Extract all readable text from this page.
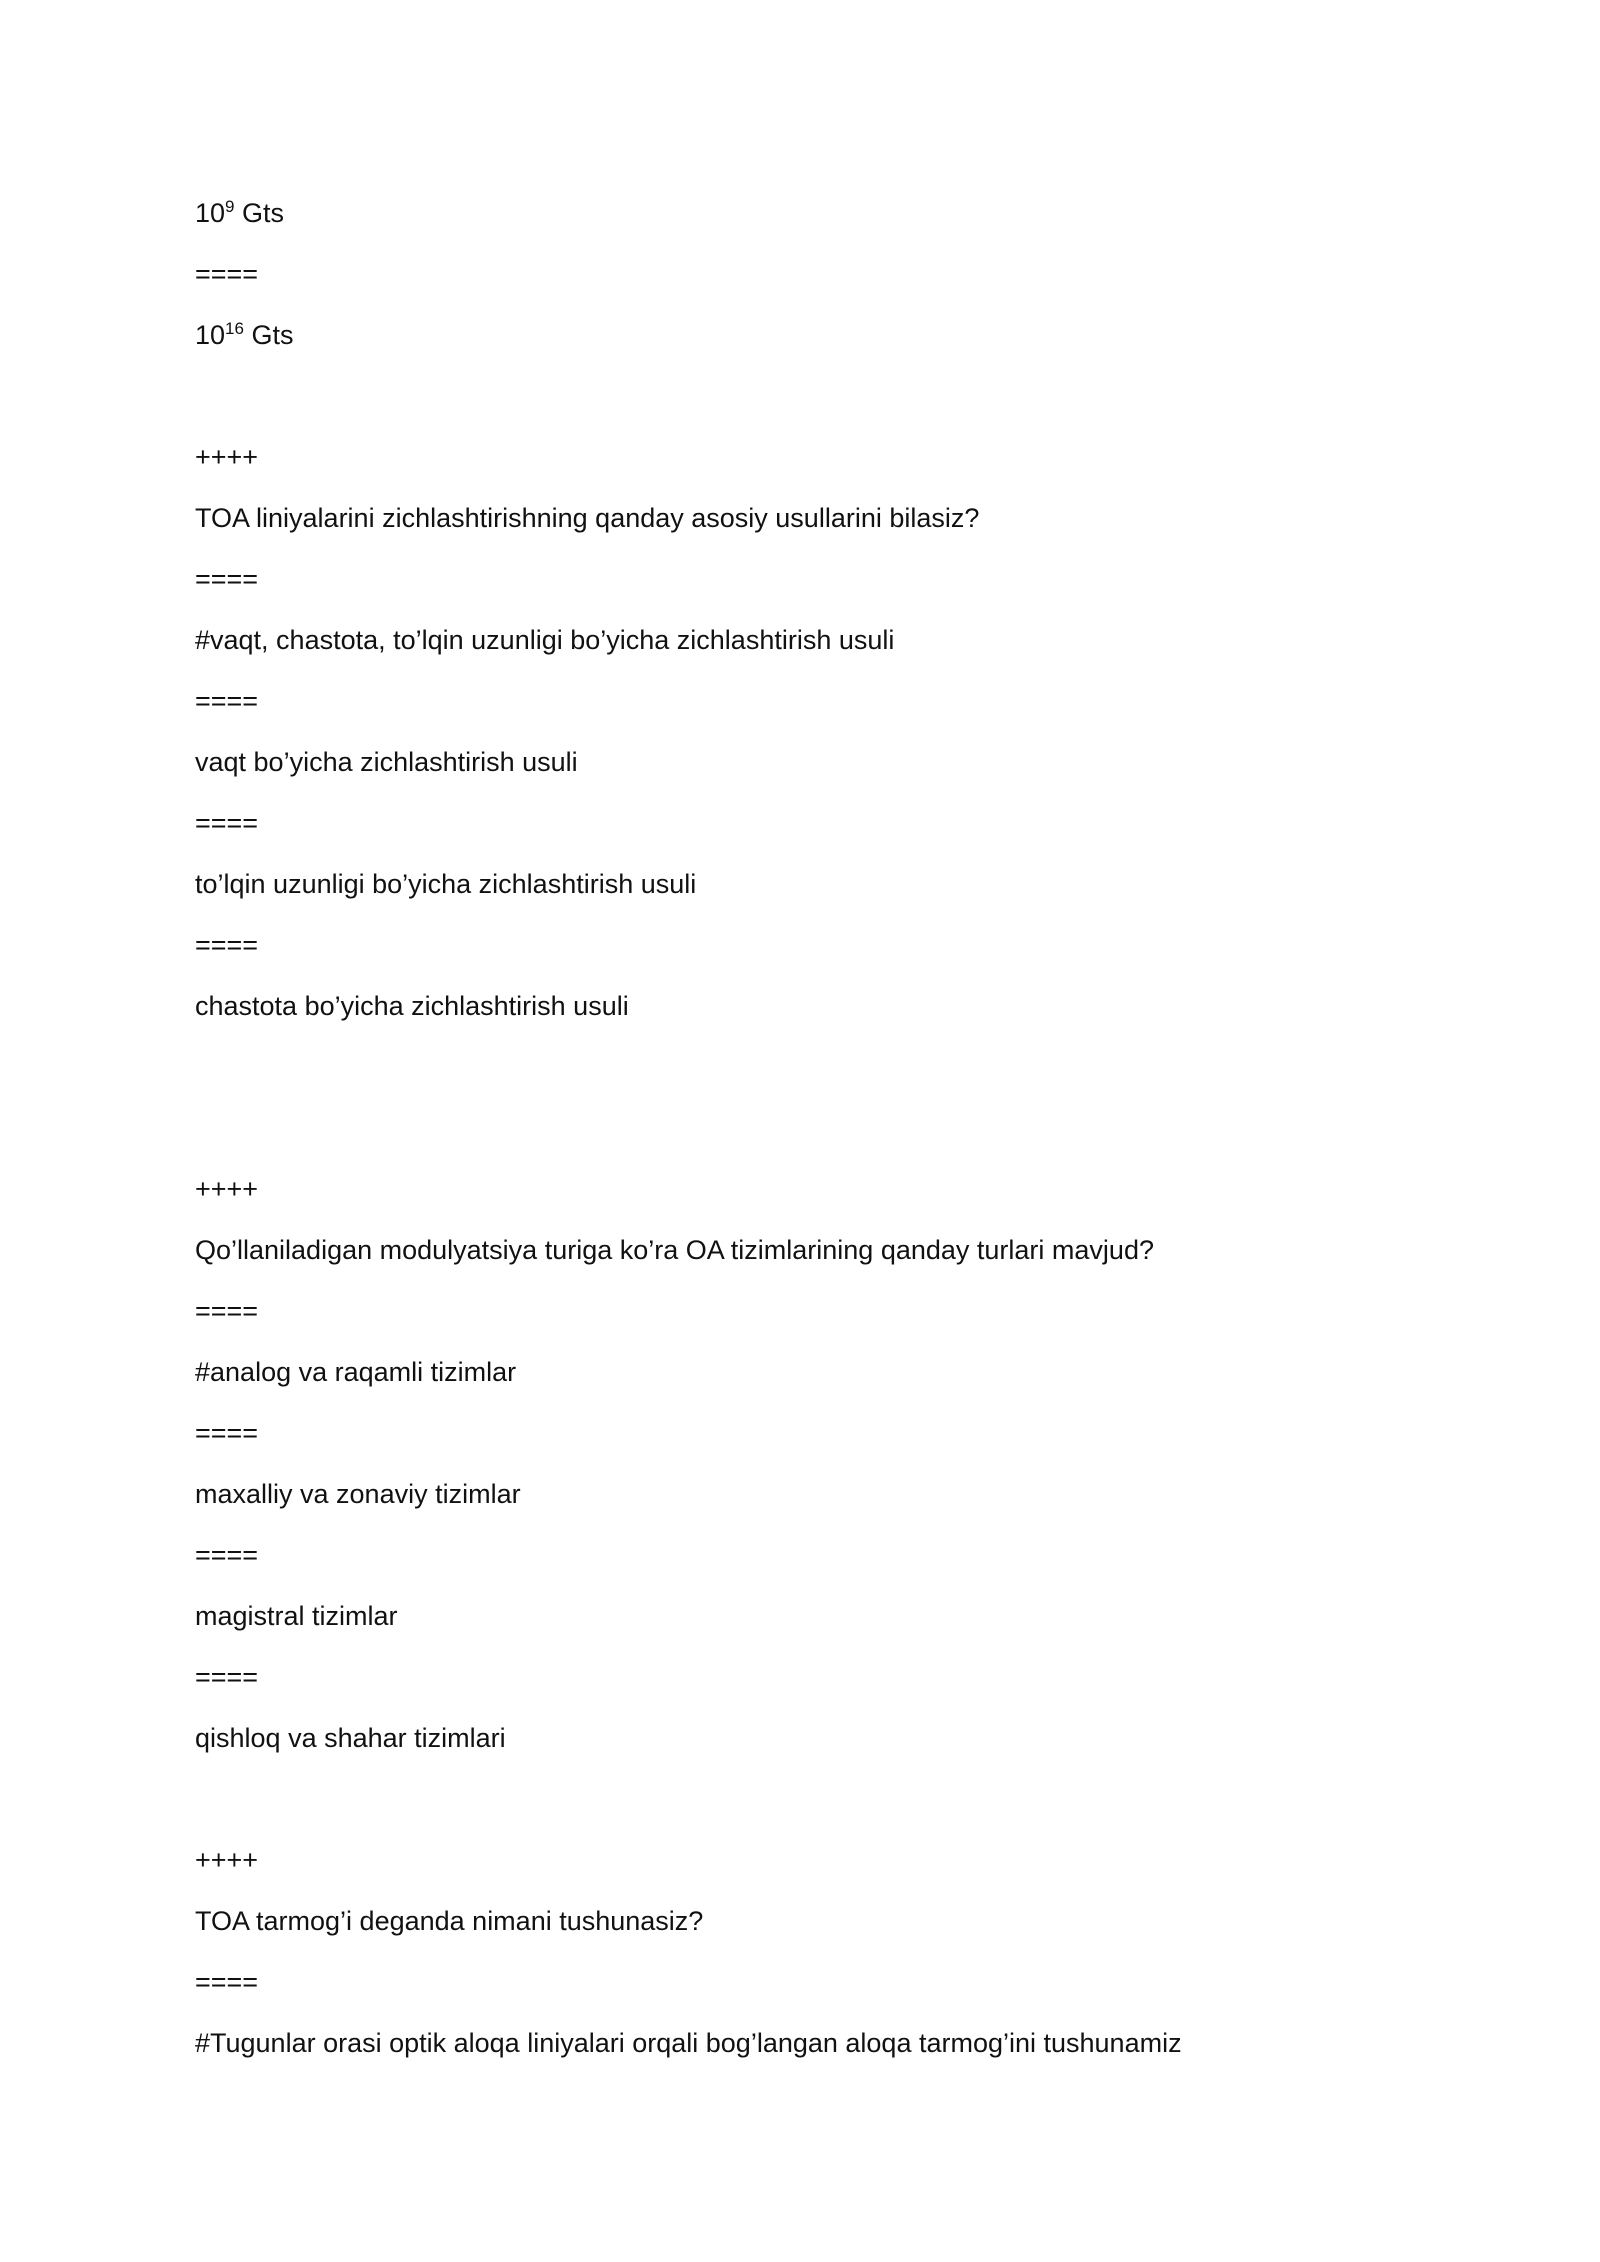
$10^9$ Gts

====

$10^{16}$ Gts

++++

TOA liniyalarini zichlashtirishning qanday asosiy usullarini bilasiz?

====

#vaqt, chastota, to’lqin uzunligi bo’yicha zichlashtirish usuli

====

vaqt bo’yicha zichlashtirish usuli

====

to’lqin uzunligi bo’yicha zichlashtirish usuli

====

chastota bo’yicha zichlashtirish usuli

++++

Qo’llaniladigan modulyatsiya turiga ko’ra OA tizimlarining qanday turlari mavjud?

====

#analog va raqamli tizimlar

====

maxalliy va zonaviy tizimlar

====

magistral tizimlar

====

qishloq va shahar tizimlari

++++

TOA tarmog’i deganda nimani tushunasiz?

====

#Tugunlar orasi optik aloqa liniyalari orqali bog’langan aloqa tarmog’ini tushunamiz
